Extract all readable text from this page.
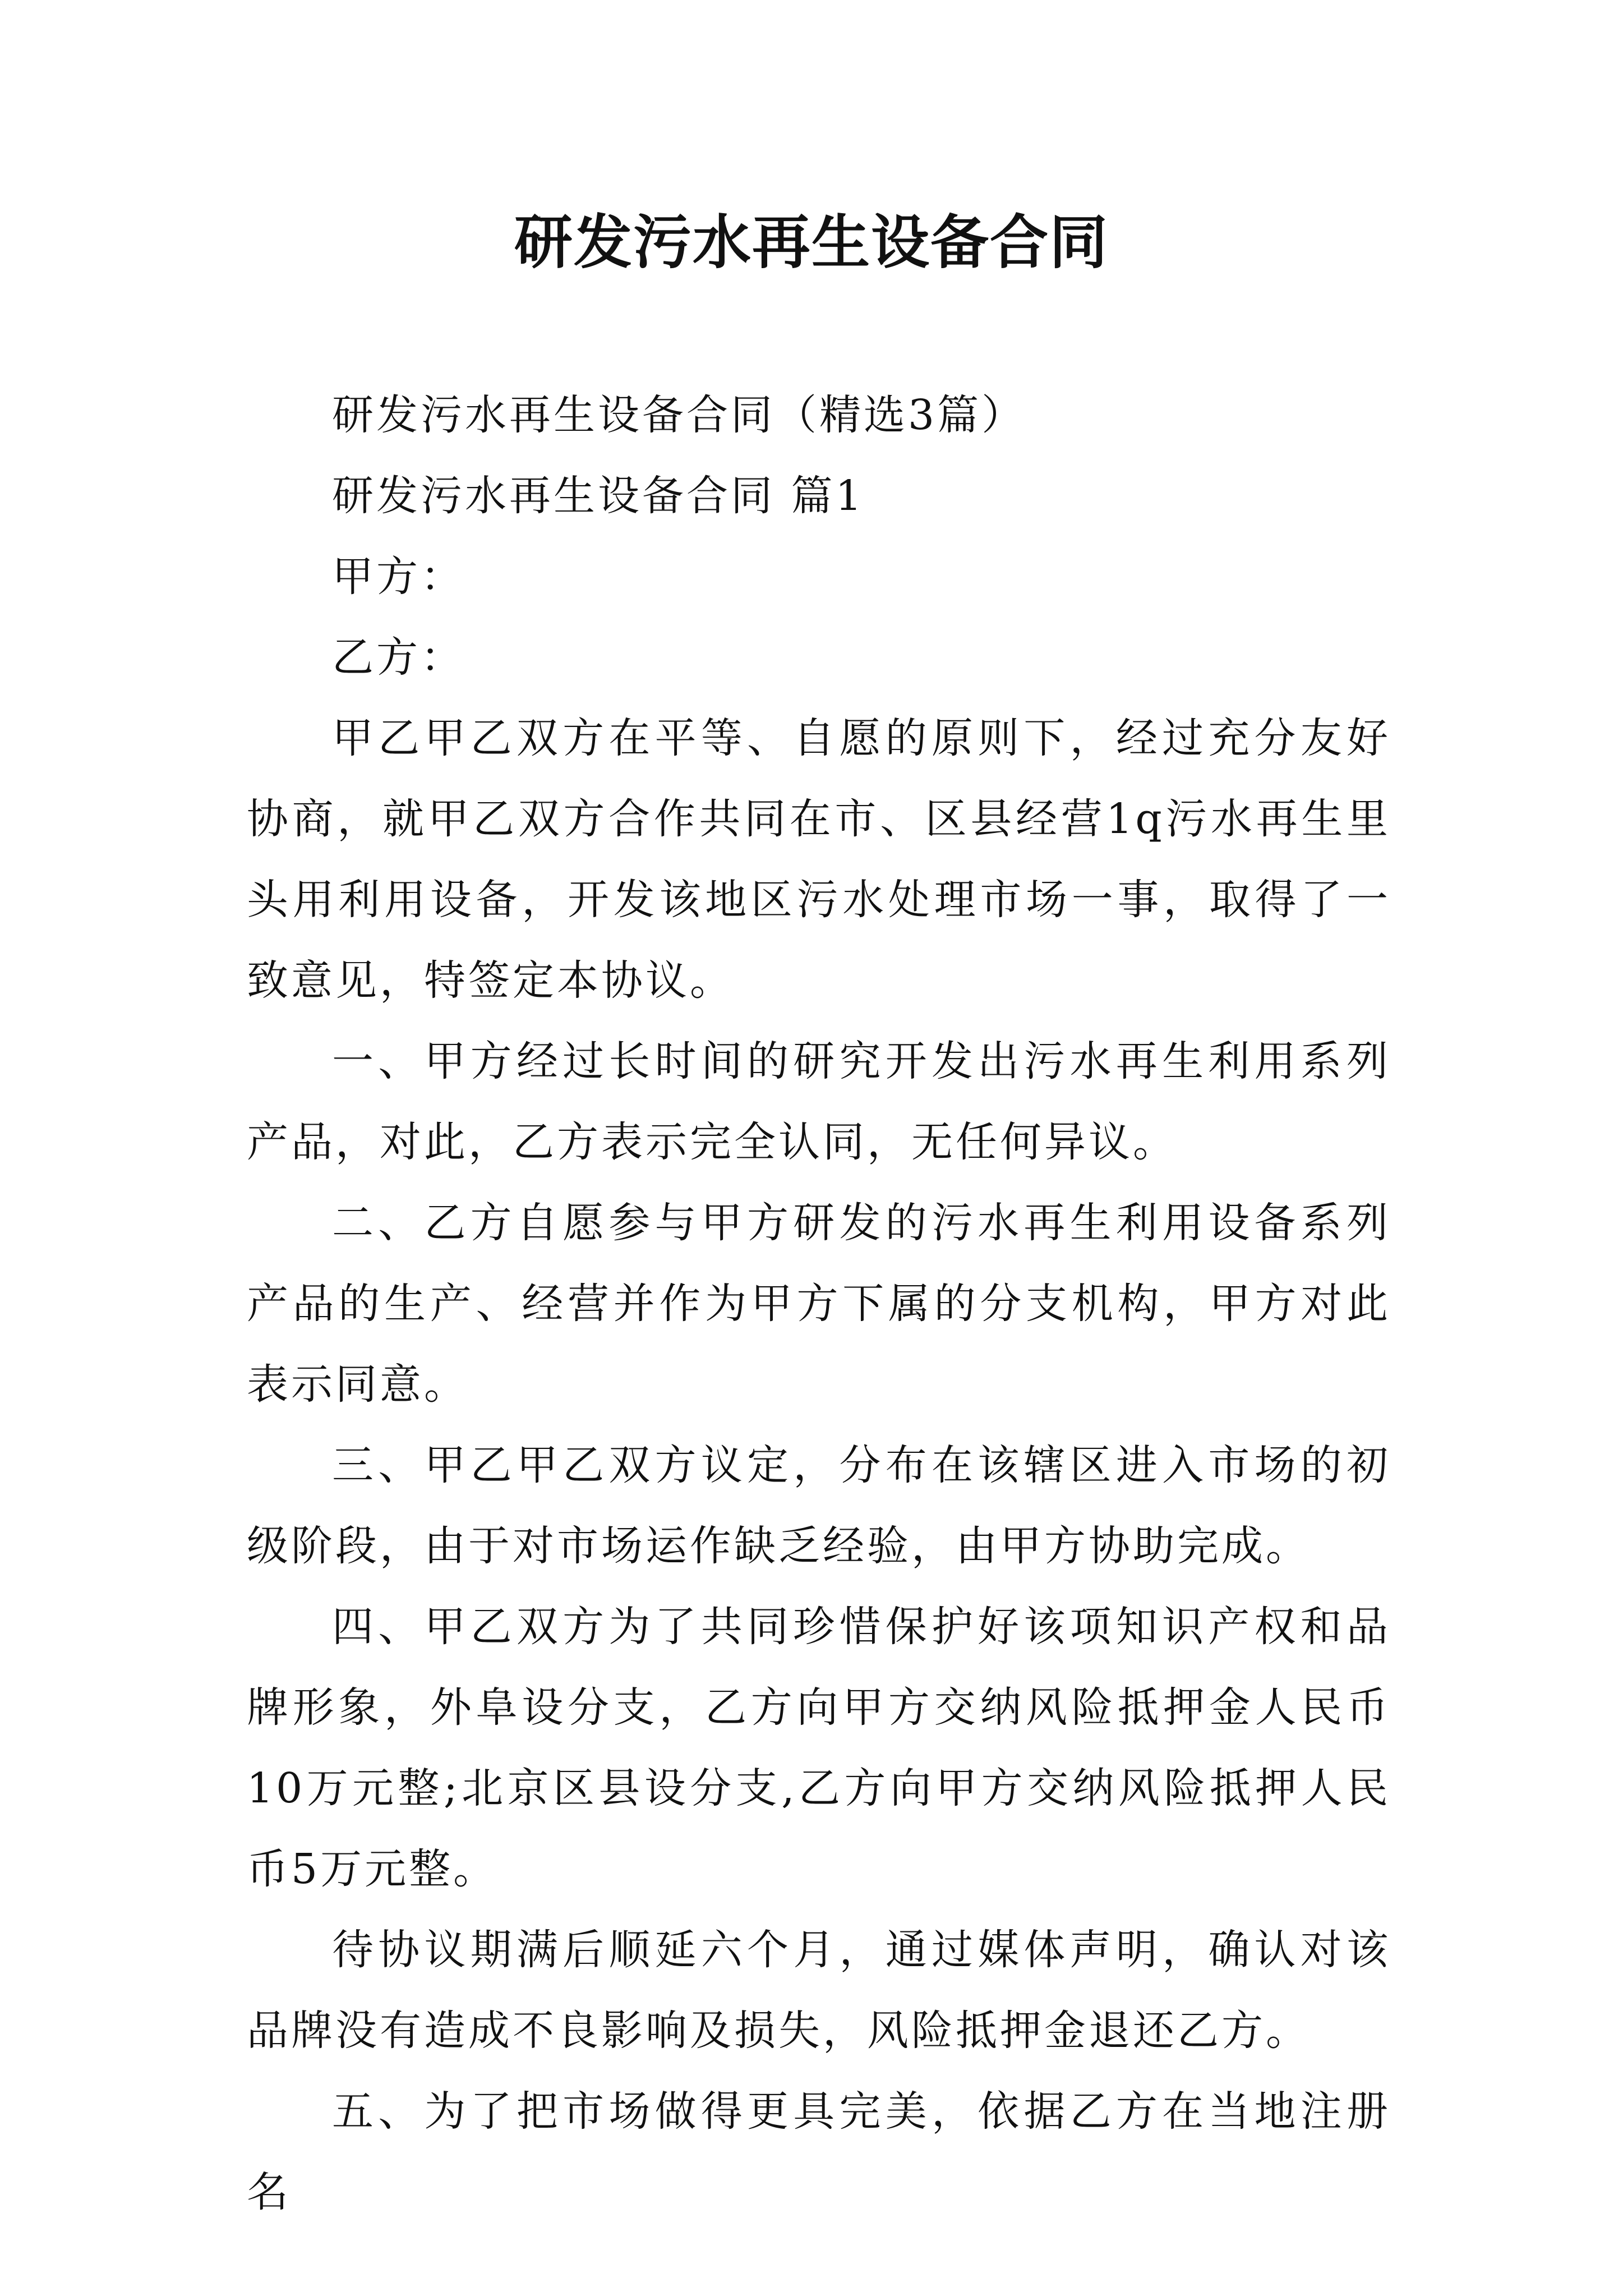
研发污水再生设备合同

研发污水再生设备合同（精选3篇）

研发污水再生设备合同 篇1

甲方：

乙方：

甲乙甲乙双方在平等、自愿的原则下，经过充分友好协商，就甲乙双方合作共同在市、区县经营1q污水再生里头用利用设备，开发该地区污水处理市场一事，取得了一致意见，特签定本协议。

一、甲方经过长时间的研究开发出污水再生利用系列产品，对此，乙方表示完全认同，无任何异议。

二、乙方自愿参与甲方研发的污水再生利用设备系列产品的生产、经营并作为甲方下属的分支机构，甲方对此表示同意。

三、甲乙甲乙双方议定，分布在该辖区进入市场的初级阶段，由于对市场运作缺乏经验，由甲方协助完成。

四、甲乙双方为了共同珍惜保护好该项知识产权和品牌形象，外阜设分支，乙方向甲方交纳风险抵押金人民币10万元整;北京区县设分支,乙方向甲方交纳风险抵押人民币5万元整。

待协议期满后顺延六个月，通过媒体声明，确认对该品牌没有造成不良影响及损失，风险抵押金退还乙方。

五、为了把市场做得更具完美，依据乙方在当地注册名
